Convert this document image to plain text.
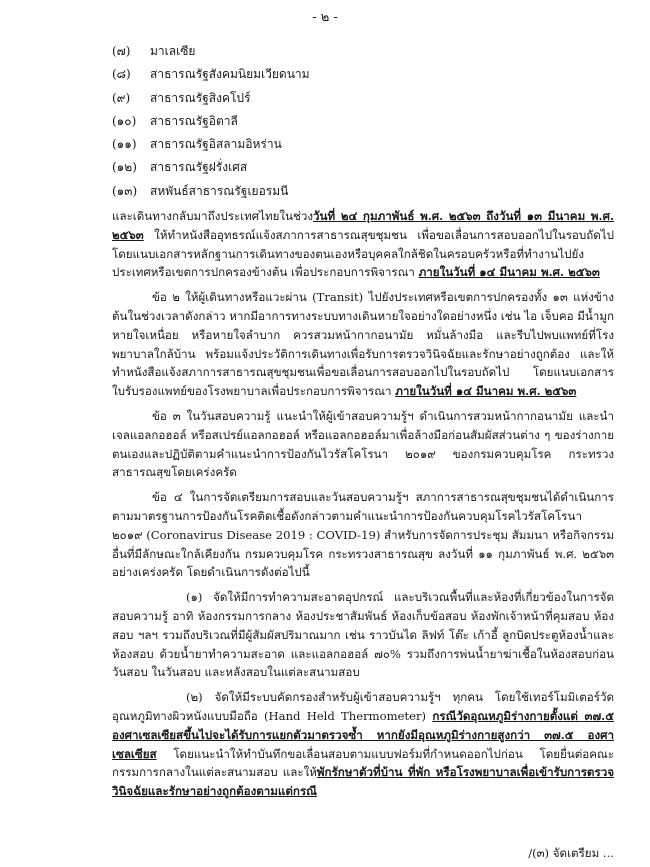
- ๒ -
(๗) มาเลเซีย
(๘) สาธารณรัฐสังคมนิยมเวียดนาม
(๙) สาธารณรัฐสิงคโปร์
(๑๐) สาธารณรัฐอิตาลี
(๑๑) สาธารณรัฐอิสลามอิหร่าน
(๑๒) สาธารณรัฐฝรั่งเศส
(๑๓) สหพันธ์สาธารณรัฐเยอรมนี

และเดินทางกลับมาถึงประเทศไทยในช่วงวันที่ ๒๔ กุมภาพันธ์ พ.ศ. ๒๕๖๓ ถึงวันที่ ๑๓ มีนาคม พ.ศ. ๒๕๖๓ ให้ทำหนังสืออุทธรณ์แจ้งสภาการสาธารณสุขชุมชน เพื่อขอเลื่อนการสอบออกไปในรอบถัดไป โดยแนบเอกสารหลักฐานการเดินทางของตนเองหรือบุคคลใกล้ชิดในครอบครัวหรือที่ทำงานไปยังประเทศหรือเขตการปกครองข้างต้น เพื่อประกอบการพิจารณา ภายในวันที่ ๑๔ มีนาคม พ.ศ. ๒๕๖๓

ข้อ ๒ ให้ผู้เดินทางหรือแวะผ่าน (Transit) ไปยังประเทศหรือเขตการปกครองทั้ง ๑๓ แห่งข้างต้นในช่วงเวลาดังกล่าว หากมีอาการทางระบบทางเดินหายใจอย่างใดอย่างหนึ่ง เช่น ไอ เจ็บคอ มีน้ำมูก หายใจเหนื่อย หรือหายใจลำบาก ควรสวมหน้ากากอนามัย หมั่นล้างมือ และรีบไปพบแพทย์ที่โรงพยาบาลใกล้บ้าน พร้อมแจ้งประวัติการเดินทางเพื่อรับการตรวจวินิจฉัยและรักษาอย่างถูกต้อง และให้ทำหนังสือแจ้งสภาการสาธารณสุขชุมชนเพื่อขอเลื่อนการสอบออกไปในรอบถัดไป โดยแนบเอกสารใบรับรองแพทย์ของโรงพยาบาลเพื่อประกอบการพิจารณา ภายในวันที่ ๑๔ มีนาคม พ.ศ. ๒๕๖๓

ข้อ ๓ ในวันสอบความรู้ แนะนำให้ผู้เข้าสอบความรู้ฯ ดำเนินการสวมหน้ากากอนามัย และนำเจลแอลกอฮอล์ หรือสเปรย์แอลกอฮอล์ หรือแอลกอฮอล์มาเพื่อล้างมือก่อนสัมผัสส่วนต่าง ๆ ของร่างกายตนเองและปฏิบัติตามคำแนะนำการป้องกันไวรัสโคโรนา ๒๐๑๙ ของกรมควบคุมโรค กระทรวงสาธารณสุขโดยเคร่งครัด

ข้อ ๔ ในการจัดเตรียมการสอบและวันสอบความรู้ฯ สภาการสาธารณสุขชุมชนได้ดำเนินการตามมาตรฐานการป้องกันโรคติดเชื้อดังกล่าวตามคำแนะนำการป้องกันควบคุมโรคไวรัสโคโรนา ๒๐๑๙ (Coronavirus Disease 2019 : COVID-19) สำหรับการจัดการประชุม สัมมนา หรือกิจกรรมอื่นที่มีลักษณะใกล้เคียงกัน กรมควบคุมโรค กระทรวงสาธารณสุข ลงวันที่ ๑๑ กุมภาพันธ์ พ.ศ. ๒๕๖๓ อย่างเคร่งครัด โดยดำเนินการดังต่อไปนี้

(๑) จัดให้มีการทำความสะอาดอุปกรณ์ และบริเวณพื้นที่และห้องที่เกี่ยวข้องในการจัดสอบความรู้ อาทิ ห้องกรรมการกลาง ห้องประชาสัมพันธ์ ห้องเก็บข้อสอบ ห้องพักเจ้าหน้าที่คุมสอบ ห้องสอบ ฯลฯ รวมถึงบริเวณที่มีผู้สัมผัสปริมาณมาก เช่น ราวบันได ลิฟท์ โต๊ะ เก้าอี้ ลูกบิดประตูห้องน้ำและห้องสอบ ด้วยน้ำยาทำความสะอาด และแอลกอฮอล์ ๗๐% รวมถึงการพ่นน้ำยาฆ่าเชื้อในห้องสอบก่อนวันสอบ ในวันสอบ และหลังสอบในแต่ละสนามสอบ

(๒) จัดให้มีระบบคัดกรองสำหรับผู้เข้าสอบความรู้ฯ ทุกคน โดยใช้เทอร์โมมิเตอร์วัดอุณหภูมิทางผิวหนังแบบมือถือ (Hand Held Thermometer) กรณีวัดอุณหภูมิร่างกายตั้งแต่ ๓๗.๕ องศาเซลเซียสขึ้นไปจะได้รับการแยกตัวมาตรวจซ้ำ หากยังมีอุณหภูมิร่างกายสูงกว่า ๓๗.๕ องศาเซลเซียส โดยแนะนำให้ทำบันทึกขอเลื่อนสอบตามแบบฟอร์มที่กำหนดออกไปก่อน โดยยื่นต่อคณะกรรมการกลางในแต่ละสนามสอบ และให้พักรักษาตัวที่บ้าน ที่พัก หรือโรงพยาบาลเพื่อเข้ารับการตรวจวินิจฉัยและรักษาอย่างถูกต้องตามแต่กรณี

/(๓) จัดเตรียม ...
